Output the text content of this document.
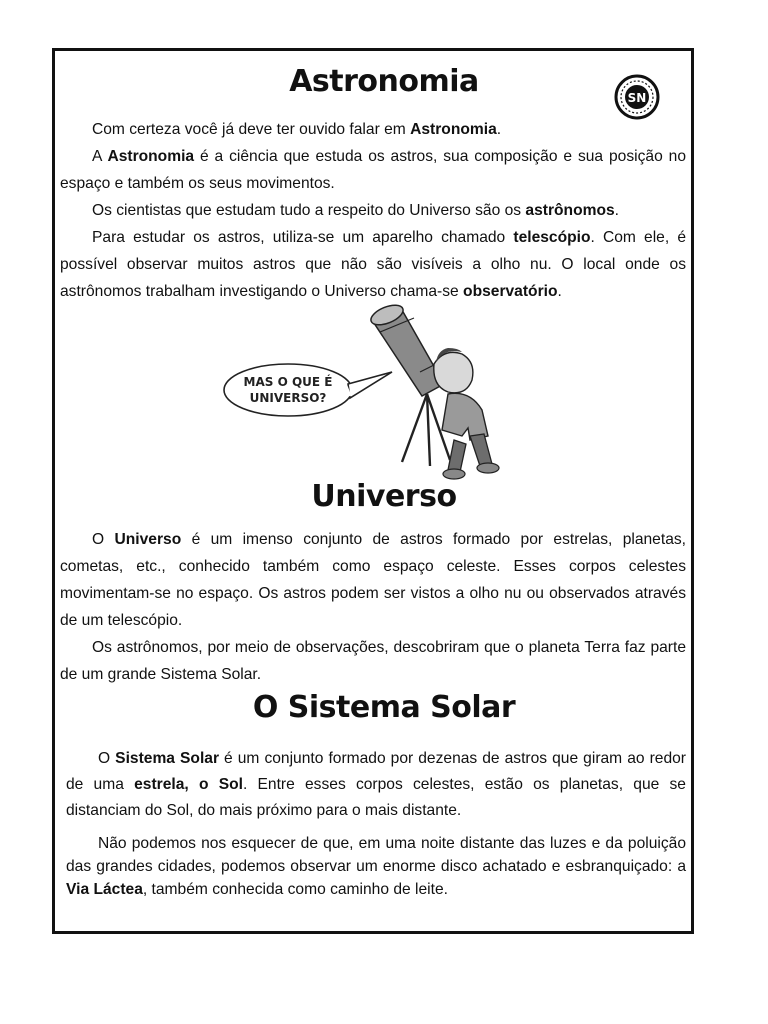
Astronomia	SN

Com certeza você já deve ter ouvido falar em Astronomia.

A Astronomia é a ciência que estuda os astros, sua composição e sua posição no espaço e também os seus movimentos.

Os cientistas que estudam tudo a respeito do Universo são os astrônomos.

Para estudar os astros, utiliza-se um aparelho chamado telescópio. Com ele, é possível observar muitos astros que não são visíveis a olho nu. O local onde os astrônomos trabalham investigando o Universo chama-se observatório.

MAS O QUE É
UNIVERSO?
Universo

O Universo é um imenso conjunto de astros formado por estrelas, planetas, cometas, etc., conhecido também como espaço celeste. Esses corpos celestes movimentam-se no espaço. Os astros podem ser vistos a olho nu ou observados através de um telescópio.

Os astrônomos, por meio de observações, descobriram que o planeta Terra faz parte de um grande Sistema Solar.

O Sistema Solar

O Sistema Solar é um conjunto formado por dezenas de astros que giram ao redor de uma estrela, o Sol. Entre esses corpos celestes, estão os planetas, que se distanciam do Sol, do mais próximo para o mais distante.

Não podemos nos esquecer de que, em uma noite distante das luzes e da poluição das grandes cidades, podemos observar um enorme disco achatado e esbranquiçado: a Via Láctea, também conhecida como caminho de leite.
